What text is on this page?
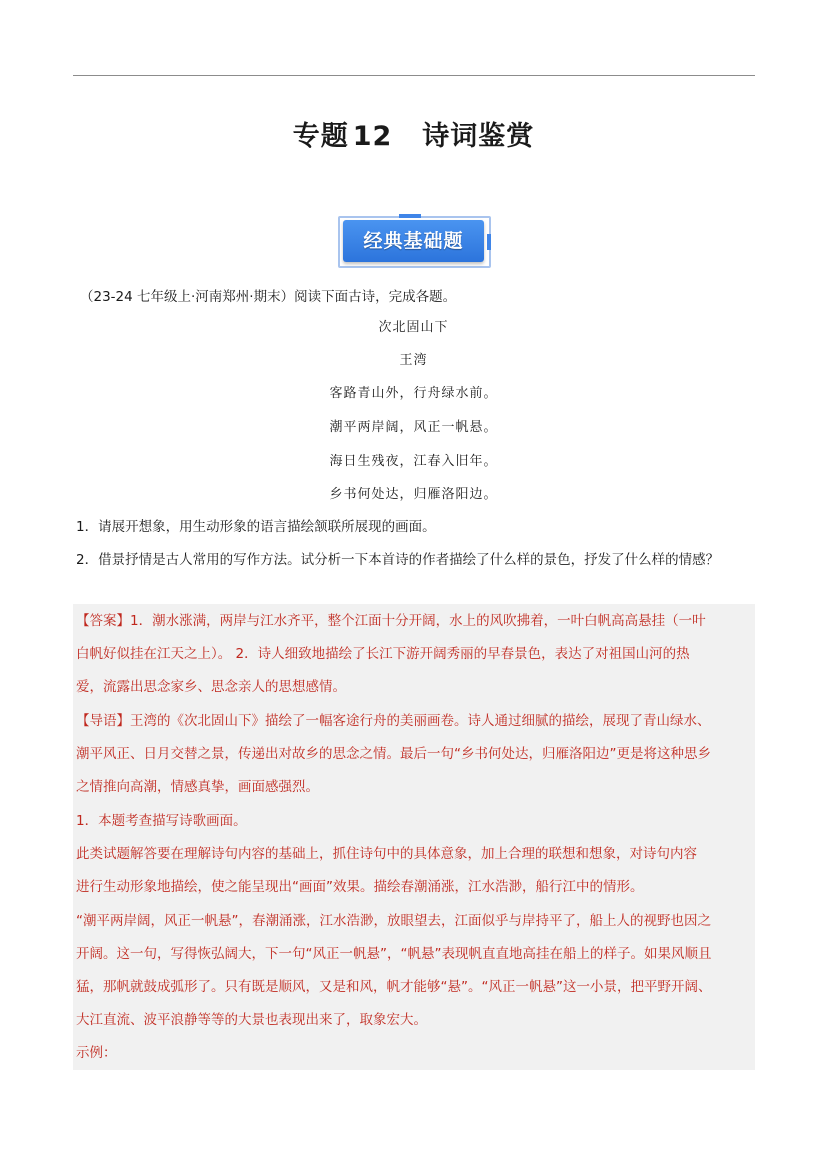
专题 12 诗词鉴赏
经典基础题
（23-24 七年级上·河南郑州·期末）阅读下面古诗，完成各题。
次北固山下
王湾
客路青山外，行舟绿水前。
潮平两岸阔，风正一帆悬。
海日生残夜，江春入旧年。
乡书何处达，归雁洛阳边。
1．请展开想象，用生动形象的语言描绘颔联所展现的画面。
2．借景抒情是古人常用的写作方法。试分析一下本首诗的作者描绘了什么样的景色，抒发了什么样的情感？
【答案】1．潮水涨满，两岸与江水齐平，整个江面十分开阔，水上的风吹拂着，一叶白帆高高悬挂（一叶
白帆好似挂在江天之上）。 2．诗人细致地描绘了长江下游开阔秀丽的早春景色，表达了对祖国山河的热
爱，流露出思念家乡、思念亲人的思想感情。
【导语】王湾的《次北固山下》描绘了一幅客途行舟的美丽画卷。诗人通过细腻的描绘，展现了青山绿水、
潮平风正、日月交替之景，传递出对故乡的思念之情。最后一句“乡书何处达，归雁洛阳边”更是将这种思乡
之情推向高潮，情感真挚，画面感强烈。
1．本题考查描写诗歌画面。
此类试题解答要在理解诗句内容的基础上，抓住诗句中的具体意象，加上合理的联想和想象，对诗句内容
进行生动形象地描绘，使之能呈现出“画面”效果。描绘春潮涌涨，江水浩渺，船行江中的情形。
“潮平两岸阔，风正一帆悬”，春潮涌涨，江水浩渺，放眼望去，江面似乎与岸持平了，船上人的视野也因之
开阔。这一句，写得恢弘阔大，下一句“风正一帆悬”，“帆悬”表现帆直直地高挂在船上的样子。如果风顺且
猛，那帆就鼓成弧形了。只有既是顺风，又是和风，帆才能够“悬”。“风正一帆悬”这一小景，把平野开阔、
大江直流、波平浪静等等的大景也表现出来了，取象宏大。
示例：
